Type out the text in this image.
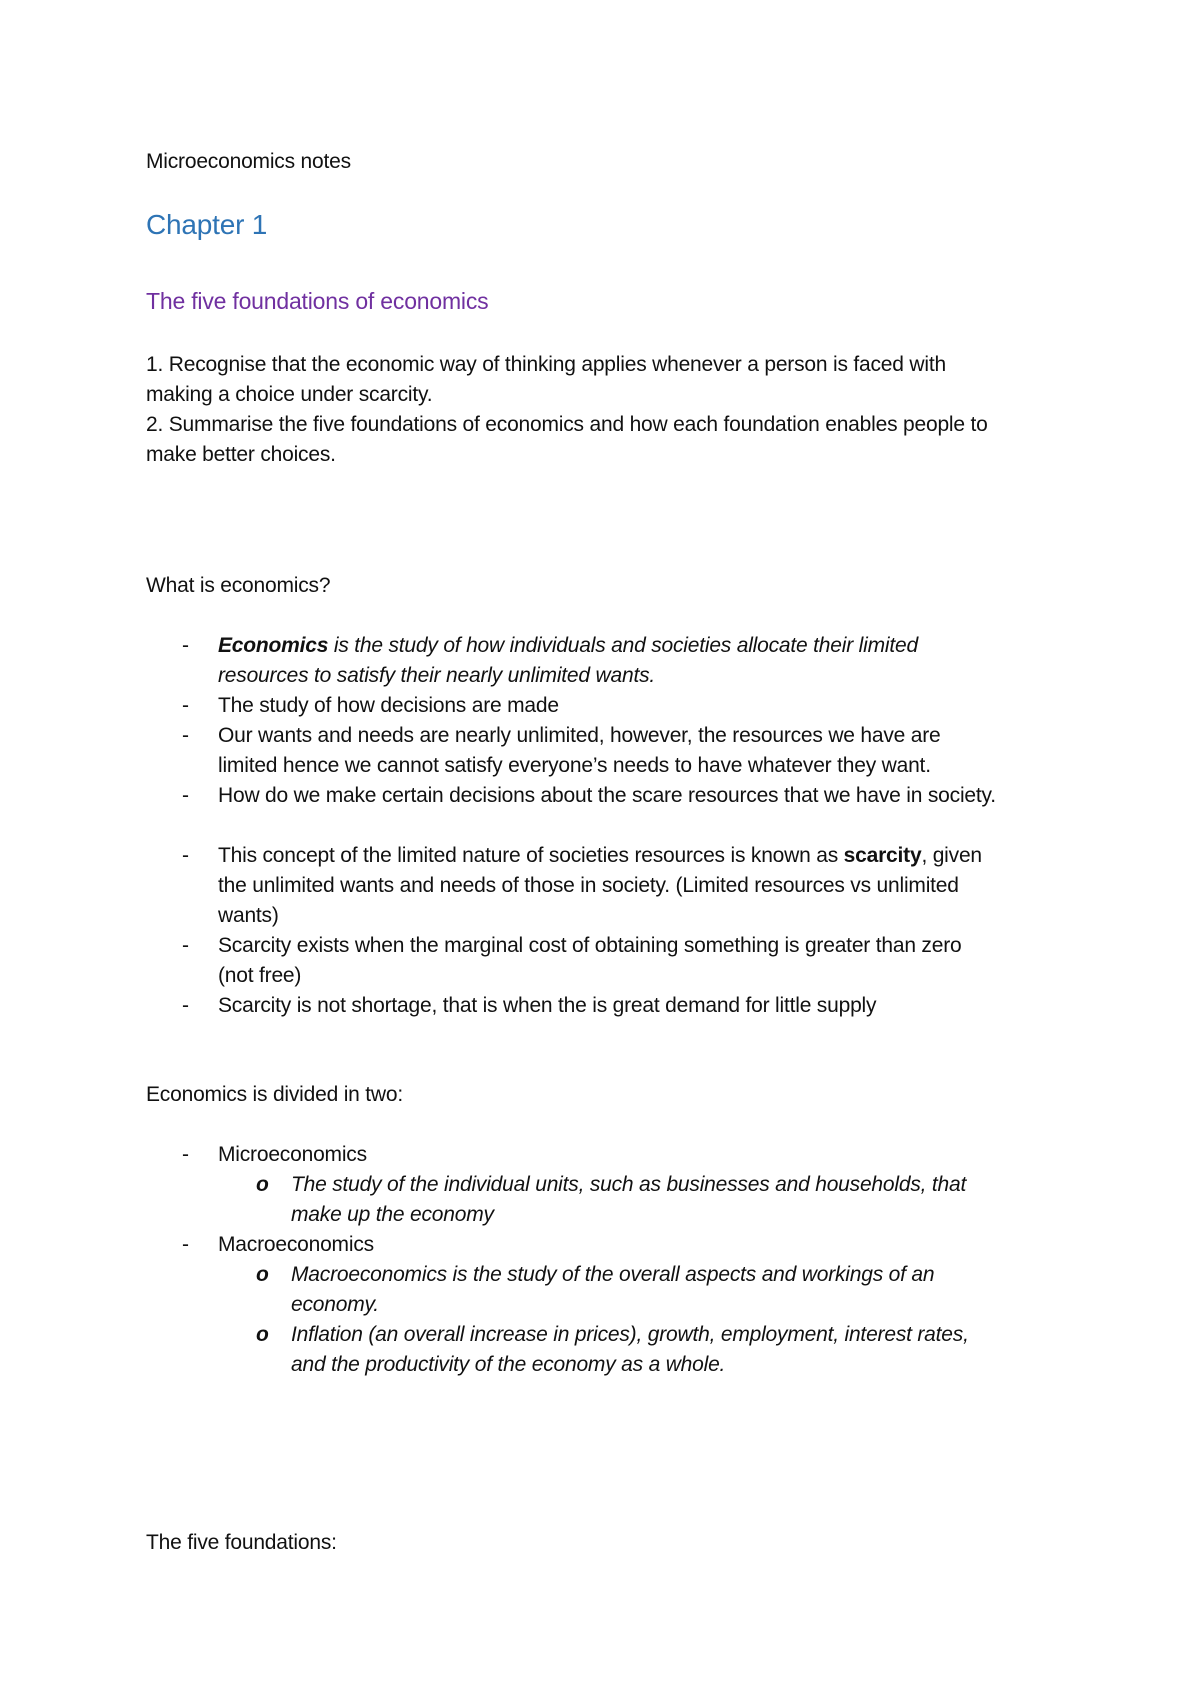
Microeconomics notes

Chapter 1
The five foundations of economics

1. Recognise that the economic way of thinking applies whenever a person is faced with

making a choice under scarcity.

2. Summarise the five foundations of economics and how each foundation enables people to

make better choices.

What is economics?

- Economics is the study of how individuals and societies allocate their limited
resources to satisfy their nearly unlimited wants.
- The study of how decisions are made
- Our wants and needs are nearly unlimited, however, the resources we have are
limited hence we cannot satisfy everyone’s needs to have whatever they want.
- How do we make certain decisions about the scare resources that we have in society.
- This concept of the limited nature of societies resources is known as scarcity, given
the unlimited wants and needs of those in society. (Limited resources vs unlimited
wants)
- Scarcity exists when the marginal cost of obtaining something is greater than zero
(not free)
- Scarcity is not shortage, that is when the is great demand for little supply

Economics is divided in two:

- Microeconomics
o The study of the individual units, such as businesses and households, that
make up the economy
- Macroeconomics
o Macroeconomics is the study of the overall aspects and workings of an
economy.
o Inflation (an overall increase in prices), growth, employment, interest rates,
and the productivity of the economy as a whole.

The five foundations:
